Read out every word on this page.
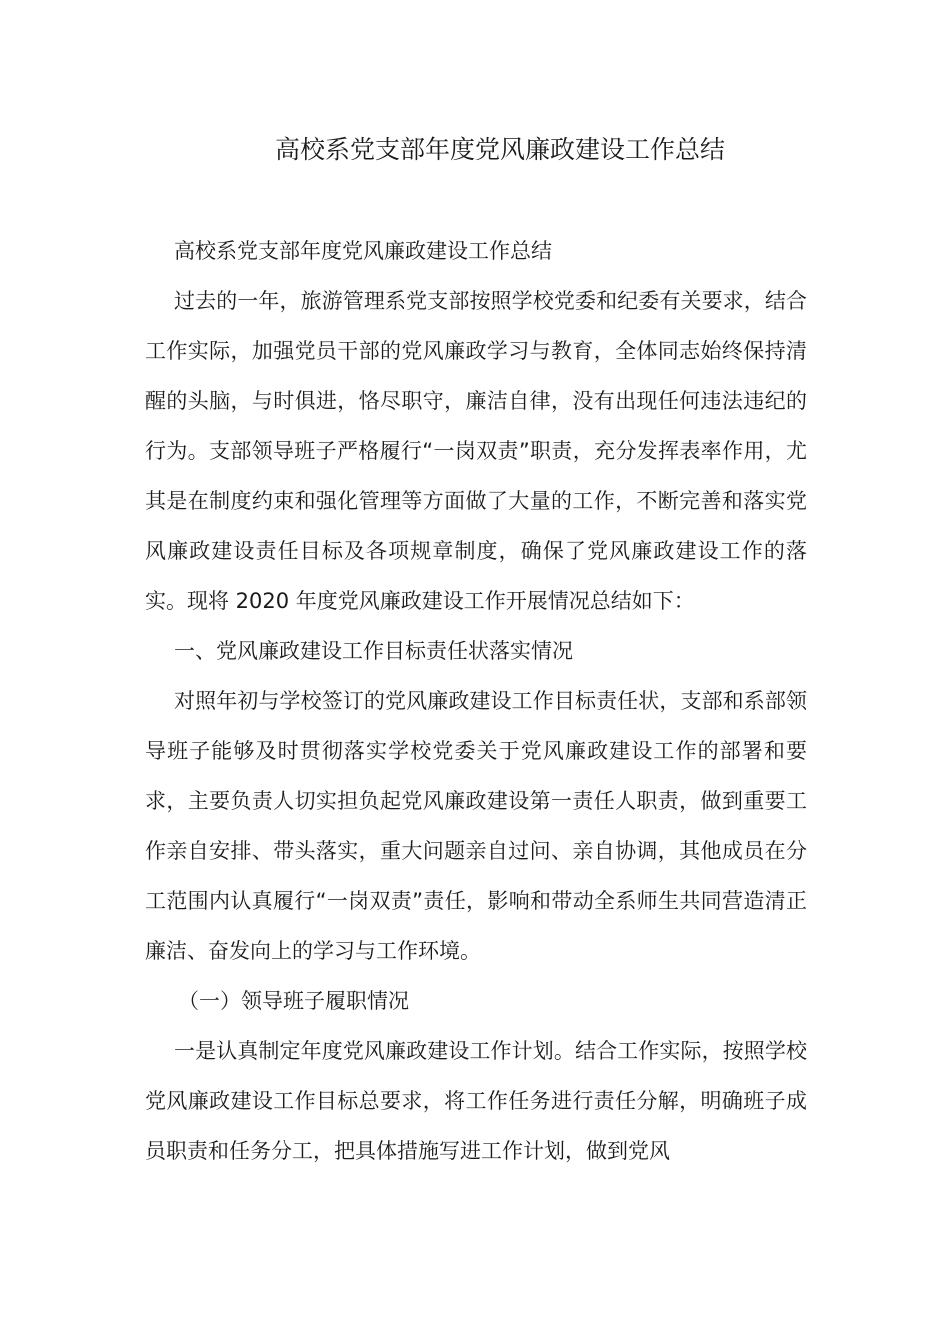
高校系党支部年度党风廉政建设工作总结

高校系党支部年度党风廉政建设工作总结

过去的一年，旅游管理系党支部按照学校党委和纪委有关要求，结合工作实际，加强党员干部的党风廉政学习与教育，全体同志始终保持清醒的头脑，与时俱进，恪尽职守，廉洁自律，没有出现任何违法违纪的行为。支部领导班子严格履行“一岗双责”职责，充分发挥表率作用，尤其是在制度约束和强化管理等方面做了大量的工作，不断完善和落实党风廉政建设责任目标及各项规章制度，确保了党风廉政建设工作的落实。现将 2020 年度党风廉政建设工作开展情况总结如下：

一、党风廉政建设工作目标责任状落实情况

对照年初与学校签订的党风廉政建设工作目标责任状，支部和系部领导班子能够及时贯彻落实学校党委关于党风廉政建设工作的部署和要求，主要负责人切实担负起党风廉政建设第一责任人职责，做到重要工作亲自安排、带头落实，重大问题亲自过问、亲自协调，其他成员在分工范围内认真履行“一岗双责”责任，影响和带动全系师生共同营造清正廉洁、奋发向上的学习与工作环境。

（一）领导班子履职情况

一是认真制定年度党风廉政建设工作计划。结合工作实际，按照学校党风廉政建设工作目标总要求，将工作任务进行责任分解，明确班子成员职责和任务分工，把具体措施写进工作计划，做到党风
